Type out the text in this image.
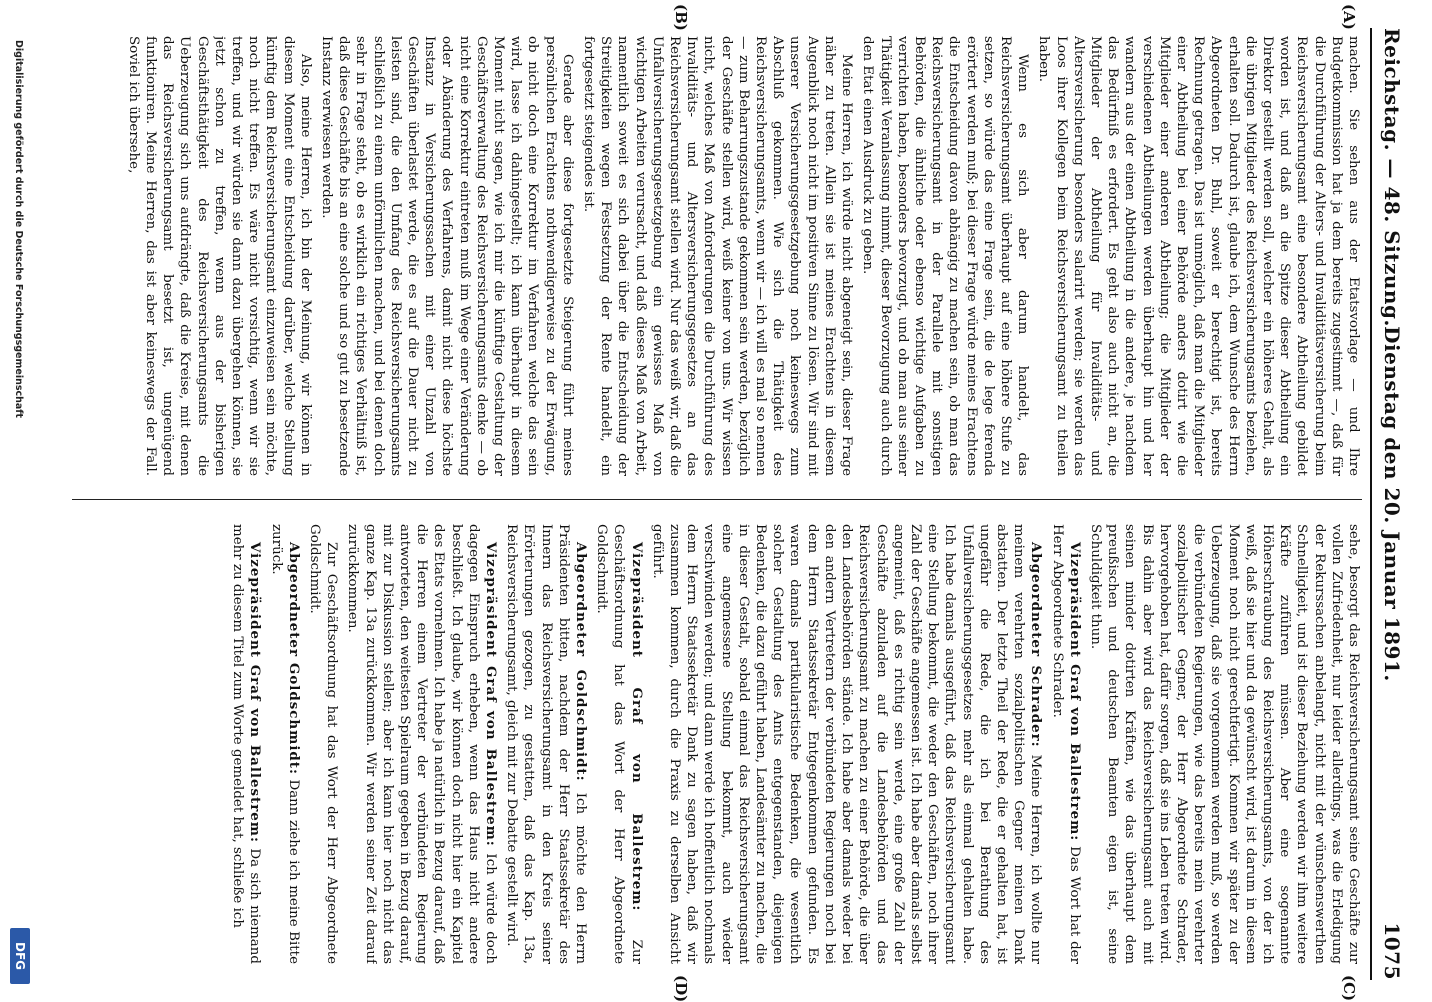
Reichstag. — 48. Sitzung.
Dienstag den 20. Januar 1891.
1075
(A)
(B)
(C)
(D)

machen. Sie sehen aus der Etatsvorlage — und Ihre Budgetkommission hat ja dem bereits zugestimmt —, daß für die Durchführung der Alters- und Invaliditätsversicherung beim Reichsversicherungsamt eine besondere Abtheilung gebildet worden ist, und daß an die Spitze dieser Abtheilung ein Direktor gestellt werden soll, welcher ein höheres Gehalt, als die übrigen Mitglieder des Reichsversicherungsamts beziehen, erhalten soll. Dadurch ist, glaube ich, dem Wunsche des Herrn Abgeordneten Dr. Buhl, soweit er berechtigt ist, bereits Rechnung getragen. Das ist unmöglich, daß man die Mitglieder einer Abtheilung bei einer Behörde anders dotirt wie die Mitglieder einer anderen Abtheilung; die Mitglieder der verschiedenen Abtheilungen werden überhaupt hin und her wandern aus der einen Abtheilung in die andere, je nachdem das Bedürfniß es erfordert. Es geht also auch nicht an, die Mitglieder der Abtheilung für Invaliditäts- und Altersversicherung besonders salarirt werden; sie werden das Loos ihrer Kollegen beim Reichsversicherungsamt zu theilen haben.

Wenn es sich aber darum handelt, das Reichsversicherungsamt überhaupt auf eine höhere Stufe zu setzen, so würde das eine Frage sein, die de lege ferenda erörtert werden muß; bei dieser Frage würde meines Erachtens die Entscheidung davon abhängig zu machen sein, ob man das Reichsversicherungsamt in der Parallele mit sonstigen Behörden, die ähnliche oder ebenso wichtige Aufgaben zu verrichten haben, besonders bevorzugt, und ob man aus seiner Thätigkeit Veranlassung nimmt, dieser Bevorzugung auch durch den Etat einen Ausdruck zu geben.

Meine Herren, ich würde nicht abgeneigt sein, dieser Frage näher zu treten. Allein sie ist meines Erachtens in diesem Augenblick noch nicht im positiven Sinne zu lösen. Wir sind mit unserer Versicherungsgesetzgebung noch keineswegs zum Abschluß gekommen. Wie sich die Thätigkeit des Reichsversicherungsamts, wenn wir — ich will es mal so nennen — zum Beharrungszustande gekommen sein werden, bezüglich der Geschäfte stellen wird, weiß keiner von uns. Wir wissen nicht, welches Maß von Anforderungen die Durchführung des Invaliditäts- und Altersversicherungsgesetzes an das Reichsversicherungsamt stellen wird. Nur das weiß wir, daß die Unfallversicherungsgesetzgebung ein gewisses Maß von wichtigen Arbeiten verursacht, und daß dieses Maß von Arbeit, namentlich soweit es sich dabei über die Entscheidung der Streitigkeiten wegen Festsetzung der Rente handelt, ein fortgesetzt steigendes ist.

Gerade aber diese fortgesetzte Steigerung führt meines persönlichen Erachtens nothwendigerweise zu der Erwägung, ob nicht doch eine Korrektur im Verfahren welche das sein wird, lasse ich dahingestellt; ich kann überhaupt in diesem Moment nicht sagen, wie ich mir die künftige Gestaltung der Geschäftsverwaltung des Reichsversicherungsamts denke — ob nicht eine Korrektur eintreten muß im Wege einer Veränderung oder Abänderung des Verfahrens, damit nicht diese höchste Instanz in Versicherungssachen mit einer Unzahl von Geschäften überlastet werde, die es auf die Dauer nicht zu leisten sind, die den Umfang des Reichsversicherungsamts schließlich zu einem unförmlichen machen, und bei denen doch sehr in Frage steht, ob es wirklich ein richtiges Verhältniß ist, daß diese Geschäfte bis an eine solche und so gut zu besetzende Instanz verwiesen werden.

Also, meine Herren, ich bin der Meinung, wir können in diesem Moment eine Entscheidung darüber, welche Stellung künftig dem Reichsversicherungsamt einzuweisen sein möchte, noch nicht treffen. Es wäre nicht vorsichtig, wenn wir sie treffen, und wir würden sie dann dazu übergehen können, sie jetzt schon zu treffen, wenn aus der bisherigen Geschäftsthätigkeit des Reichsversicherungsamts die Ueberzeugung sich uns aufdrängte, daß die Kreise, mit denen das Reichsversicherungsamt besetzt ist, ungenügend funktioniren. Meine Herren, das ist aber keineswegs der Fall. Soviel ich übersehe,

sehe, besorgt das Reichsversicherungsamt seine Geschäfte zur vollen Zufriedenheit, nur leider allerdings, was die Erledigung der Rekurssachen anbelangt, nicht mit der wünschenswerthen Schnelligkeit, und ist dieser Beziehung werden wir ihm weitere Kräfte zuführen müssen. Aber eine sogenannte Höherschraubung des Reichsversicherungsamts, von der ich weiß, daß sie hier und da gewünscht wird, ist darum in diesem Moment noch nicht gerechtfertigt. Kommen wir später zu der Ueberzeugung, daß sie vorgenommen werden muß, so werden die verbündeten Regierungen, wie das bereits mein verehrter sozialpolitischer Gegner, der Herr Abgeordnete Schrader, hervorgehoben hat, dafür sorgen, daß sie ins Leben treten wird. Bis dahin aber wird das Reichsversicherungsamt auch mit seinen minder dotirten Kräften, wie das überhaupt dem preußischen und deutschen Beamten eigen ist, seine Schuldigkeit thun.

Vizepräsident Graf von Ballestrem: Das Wort hat der Herr Abgeordnete Schrader.

Abgeordneter Schrader: Meine Herren, ich wollte nur meinem verehrten sozialpolitischen Gegner meinen Dank abstatten. Der letzte Theil der Rede, die er gehalten hat, ist ungefähr die Rede, die ich bei Berathung des Unfallversicherungsgesetzes mehr als einmal gehalten habe. Ich habe damals ausgeführt, daß das Reichsversicherungsamt eine Stellung bekommt, die weder den Geschäften, noch ihrer Zahl der Geschäfte angemessen ist. Ich habe aber damals selbst angemeint, daß es richtig sein werde, eine große Zahl der Geschäfte abzuladen auf die Landesbehörden und das Reichsversicherungsamt zu machen zu einer Behörde, die über den Landesbehörden stände. Ich habe aber damals weder bei den andern Vertretern der verbündeten Regierungen noch bei dem Herrn Staatssekretär Entgegenkommen gefunden. Es waren damals partikularistische Bedenken, die wesentlich solcher Gestaltung des Amts entgegenstanden, diejenigen Bedenken, die dazu geführt haben, Landesämter zu machen, die in dieser Gestalt, sobald einmal das Reichsversicherungsamt eine angemessene Stellung bekommt, auch wieder verschwinden werden; und dann werde ich hoffentlich nochmals dem Herrn Staatssekretär Dank zu sagen haben, daß wir zusammen kommen, durch die Praxis zu derselben Ansicht geführt.

Vizepräsident Graf von Ballestrem: Zur Geschäftsordnung hat das Wort der Herr Abgeordnete Goldschmidt.

Abgeordneter Goldschmidt: Ich möchte den Herrn Präsidenten bitten, nachdem der Herr Staatssekretär des Innern das Reichsversicherungsamt in den Kreis seiner Erörterungen gezogen, zu gestatten, daß das Kap. 13a, Reichsversicherungsamt, gleich mit zur Debatte gestellt wird.

Vizepräsident Graf von Ballestrem: Ich würde doch dagegen Einspruch erheben, wenn das Haus nicht andere beschließt. Ich glaube, wir können doch nicht hier ein Kapitel des Etats vornehmen. Ich habe ja natürlich in Bezug darauf, daß die Herren einem Vertreter der verbündeten Regierung antworteten, den weitesten Spielraum gegeben in Bezug darauf, mit zur Diskussion stellen; aber ich kann hier noch nicht das ganze Kap. 13a zurückkommen. Wir werden seiner Zeit darauf zurückkommen.

Zur Geschäftsordnung hat das Wort der Herr Abgeordnete Goldschmidt.

Abgeordneter Goldschmidt: Dann ziehe ich meine Bitte zurück.

Vizepräsident Graf von Ballestrem: Da sich niemand mehr zu diesem Titel zum Worte gemeldet hat, schließe ich

Digitalisierung gefördert durch die Deutsche Forschungsgemeinschaft
DFG
